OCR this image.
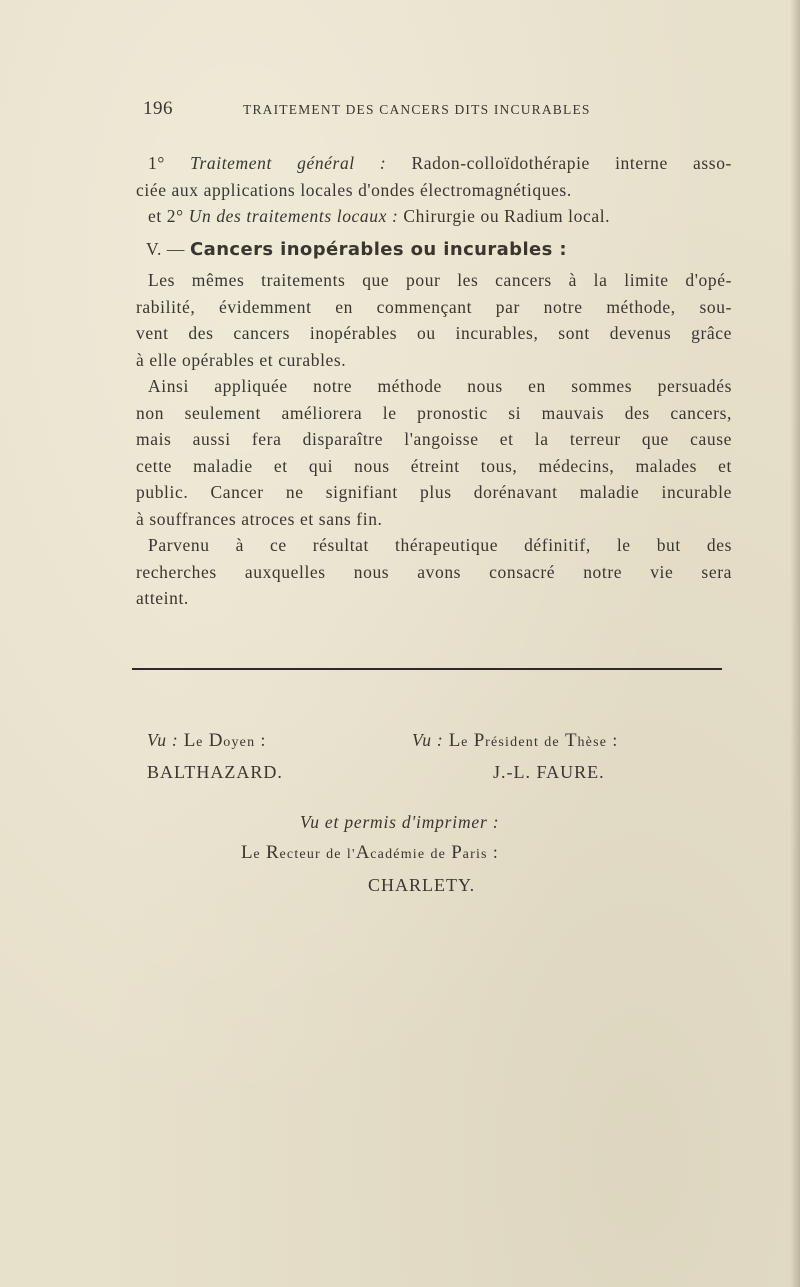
196	TRAITEMENT DES CANCERS DITS INCURABLES
1° Traitement général : Radon-colloïdothérapie interne asso-
ciée aux applications locales d'ondes électromagnétiques.
et 2° Un des traitements locaux : Chirurgie ou Radium local.
V. — Cancers inopérables ou incurables :
Les mêmes traitements que pour les cancers à la limite d'opé-
rabilité, évidemment en commençant par notre méthode, sou-
vent des cancers inopérables ou incurables, sont devenus grâce
à elle opérables et curables.
Ainsi appliquée notre méthode nous en sommes persuadés
non seulement améliorera le pronostic si mauvais des cancers,
mais aussi fera disparaître l'angoisse et la terreur que cause
cette maladie et qui nous étreint tous, médecins, malades et
public. Cancer ne signifiant plus dorénavant maladie incurable
à souffrances atroces et sans fin.
Parvenu à ce résultat thérapeutique définitif, le but des
recherches auxquelles nous avons consacré notre vie sera
atteint.
Vu : Le Doyen :
BALTHAZARD.
Vu : Le Président de Thèse :
J.-L. FAURE.
Vu et permis d'imprimer :
Le Recteur de l'Académie de Paris :
CHARLETY.
